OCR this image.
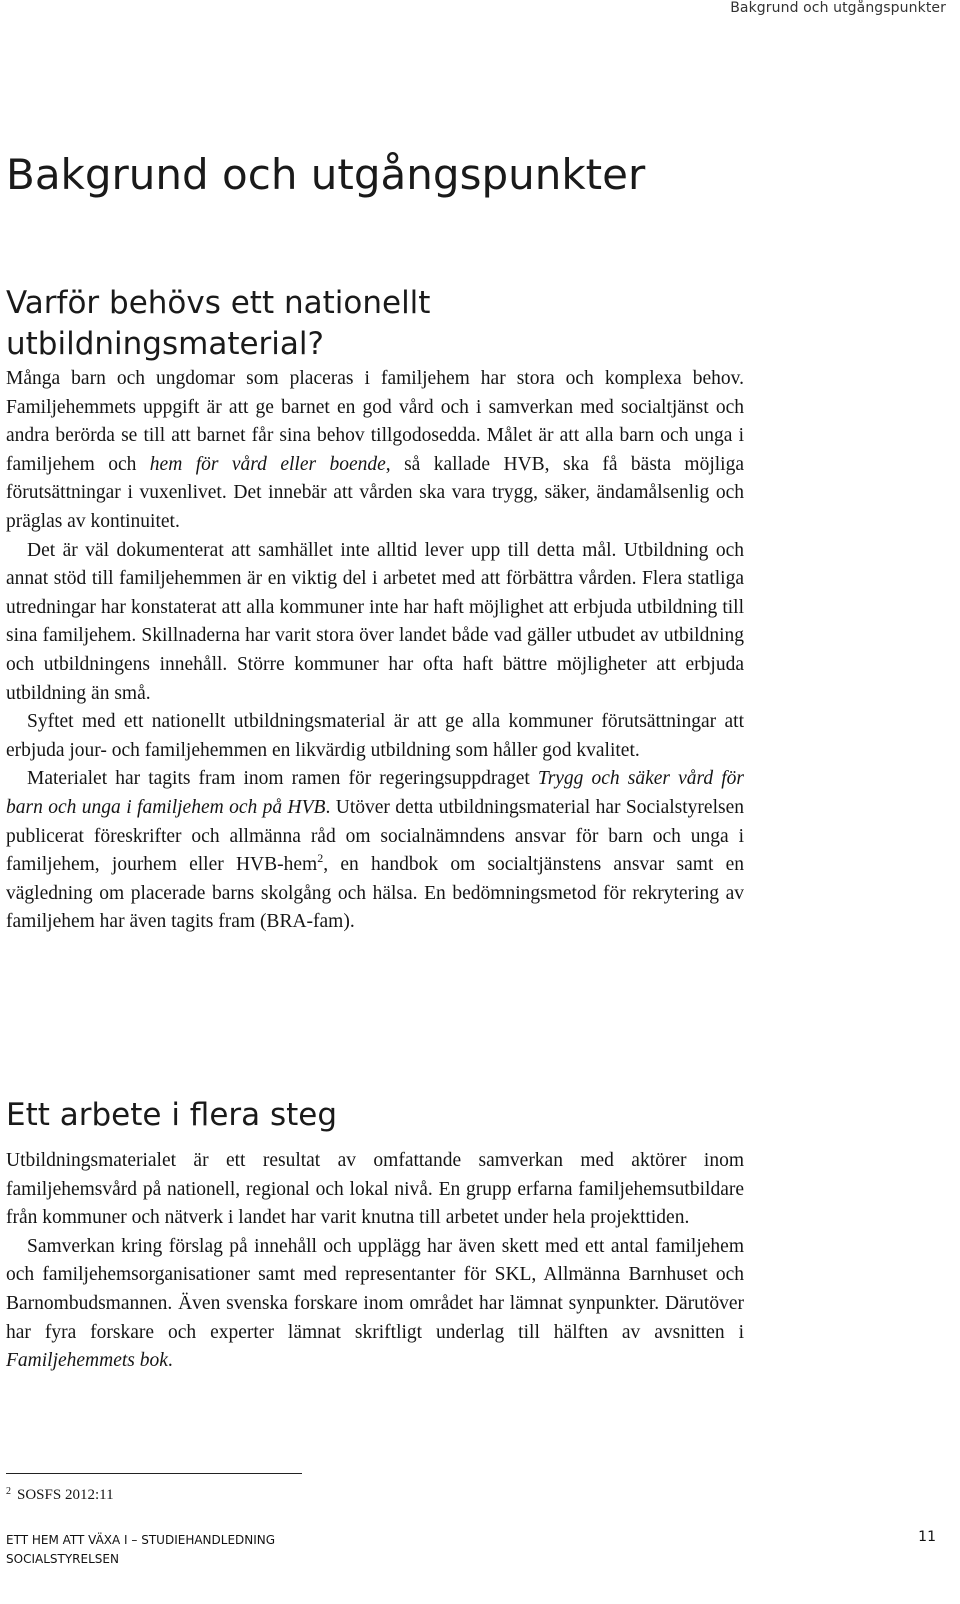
Bakgrund och utgångspunkter
Bakgrund och utgångspunkter
Varför behövs ett nationellt
utbildningsmaterial?

Många barn och ungdomar som placeras i familjehem har stora och komplexa behov. Familjehemmets uppgift är att ge barnet en god vård och i samverkan med socialtjänst och andra berörda se till att barnet får sina behov tillgodosedda. Målet är att alla barn och unga i familjehem och hem för vård eller boende, så kallade HVB, ska få bästa möjliga förutsättningar i vuxenlivet. Det innebär att vården ska vara trygg, säker, ändamålsenlig och präglas av kontinuitet.

Det är väl dokumenterat att samhället inte alltid lever upp till detta mål. Utbildning och annat stöd till familjehemmen är en viktig del i arbetet med att förbättra vården. Flera statliga utredningar har konstaterat att alla kommuner inte har haft möjlighet att erbjuda utbildning till sina familjehem. Skillnaderna har varit stora över landet både vad gäller utbudet av utbildning och utbildningens innehåll. Större kommuner har ofta haft bättre möjligheter att erbjuda utbildning än små.

Syftet med ett nationellt utbildningsmaterial är att ge alla kommuner förutsättningar att erbjuda jour- och familjehemmen en likvärdig utbildning som håller god kvalitet.

Materialet har tagits fram inom ramen för regeringsuppdraget Trygg och säker vård för barn och unga i familjehem och på HVB. Utöver detta utbildningsmaterial har Socialstyrelsen publicerat föreskrifter och allmänna råd om socialnämndens ansvar för barn och unga i familjehem, jourhem eller HVB-hem$^2$, en handbok om socialtjänstens ansvar samt en vägledning om placerade barns skolgång och hälsa. En bedömningsmetod för rekrytering av familjehem har även tagits fram (BRA-fam).

Ett arbete i flera steg

Utbildningsmaterialet är ett resultat av omfattande samverkan med aktörer inom familjehemsvård på nationell, regional och lokal nivå. En grupp erfarna familjehemsutbildare från kommuner och nätverk i landet har varit knutna till arbetet under hela projekttiden.

Samverkan kring förslag på innehåll och upplägg har även skett med ett antal familjehem och familjehemsorganisationer samt med representanter för SKL, Allmänna Barnhuset och Barnombudsmannen. Även svenska forskare inom området har lämnat synpunkter. Därutöver har fyra forskare och experter lämnat skriftligt underlag till hälften av avsnitten i Familjehemmets bok.

$^2$ SOSFS 2012:11
ETT HEM ATT VÄXA I – STUDIEHANDLEDNING
SOCIALSTYRELSEN
11
